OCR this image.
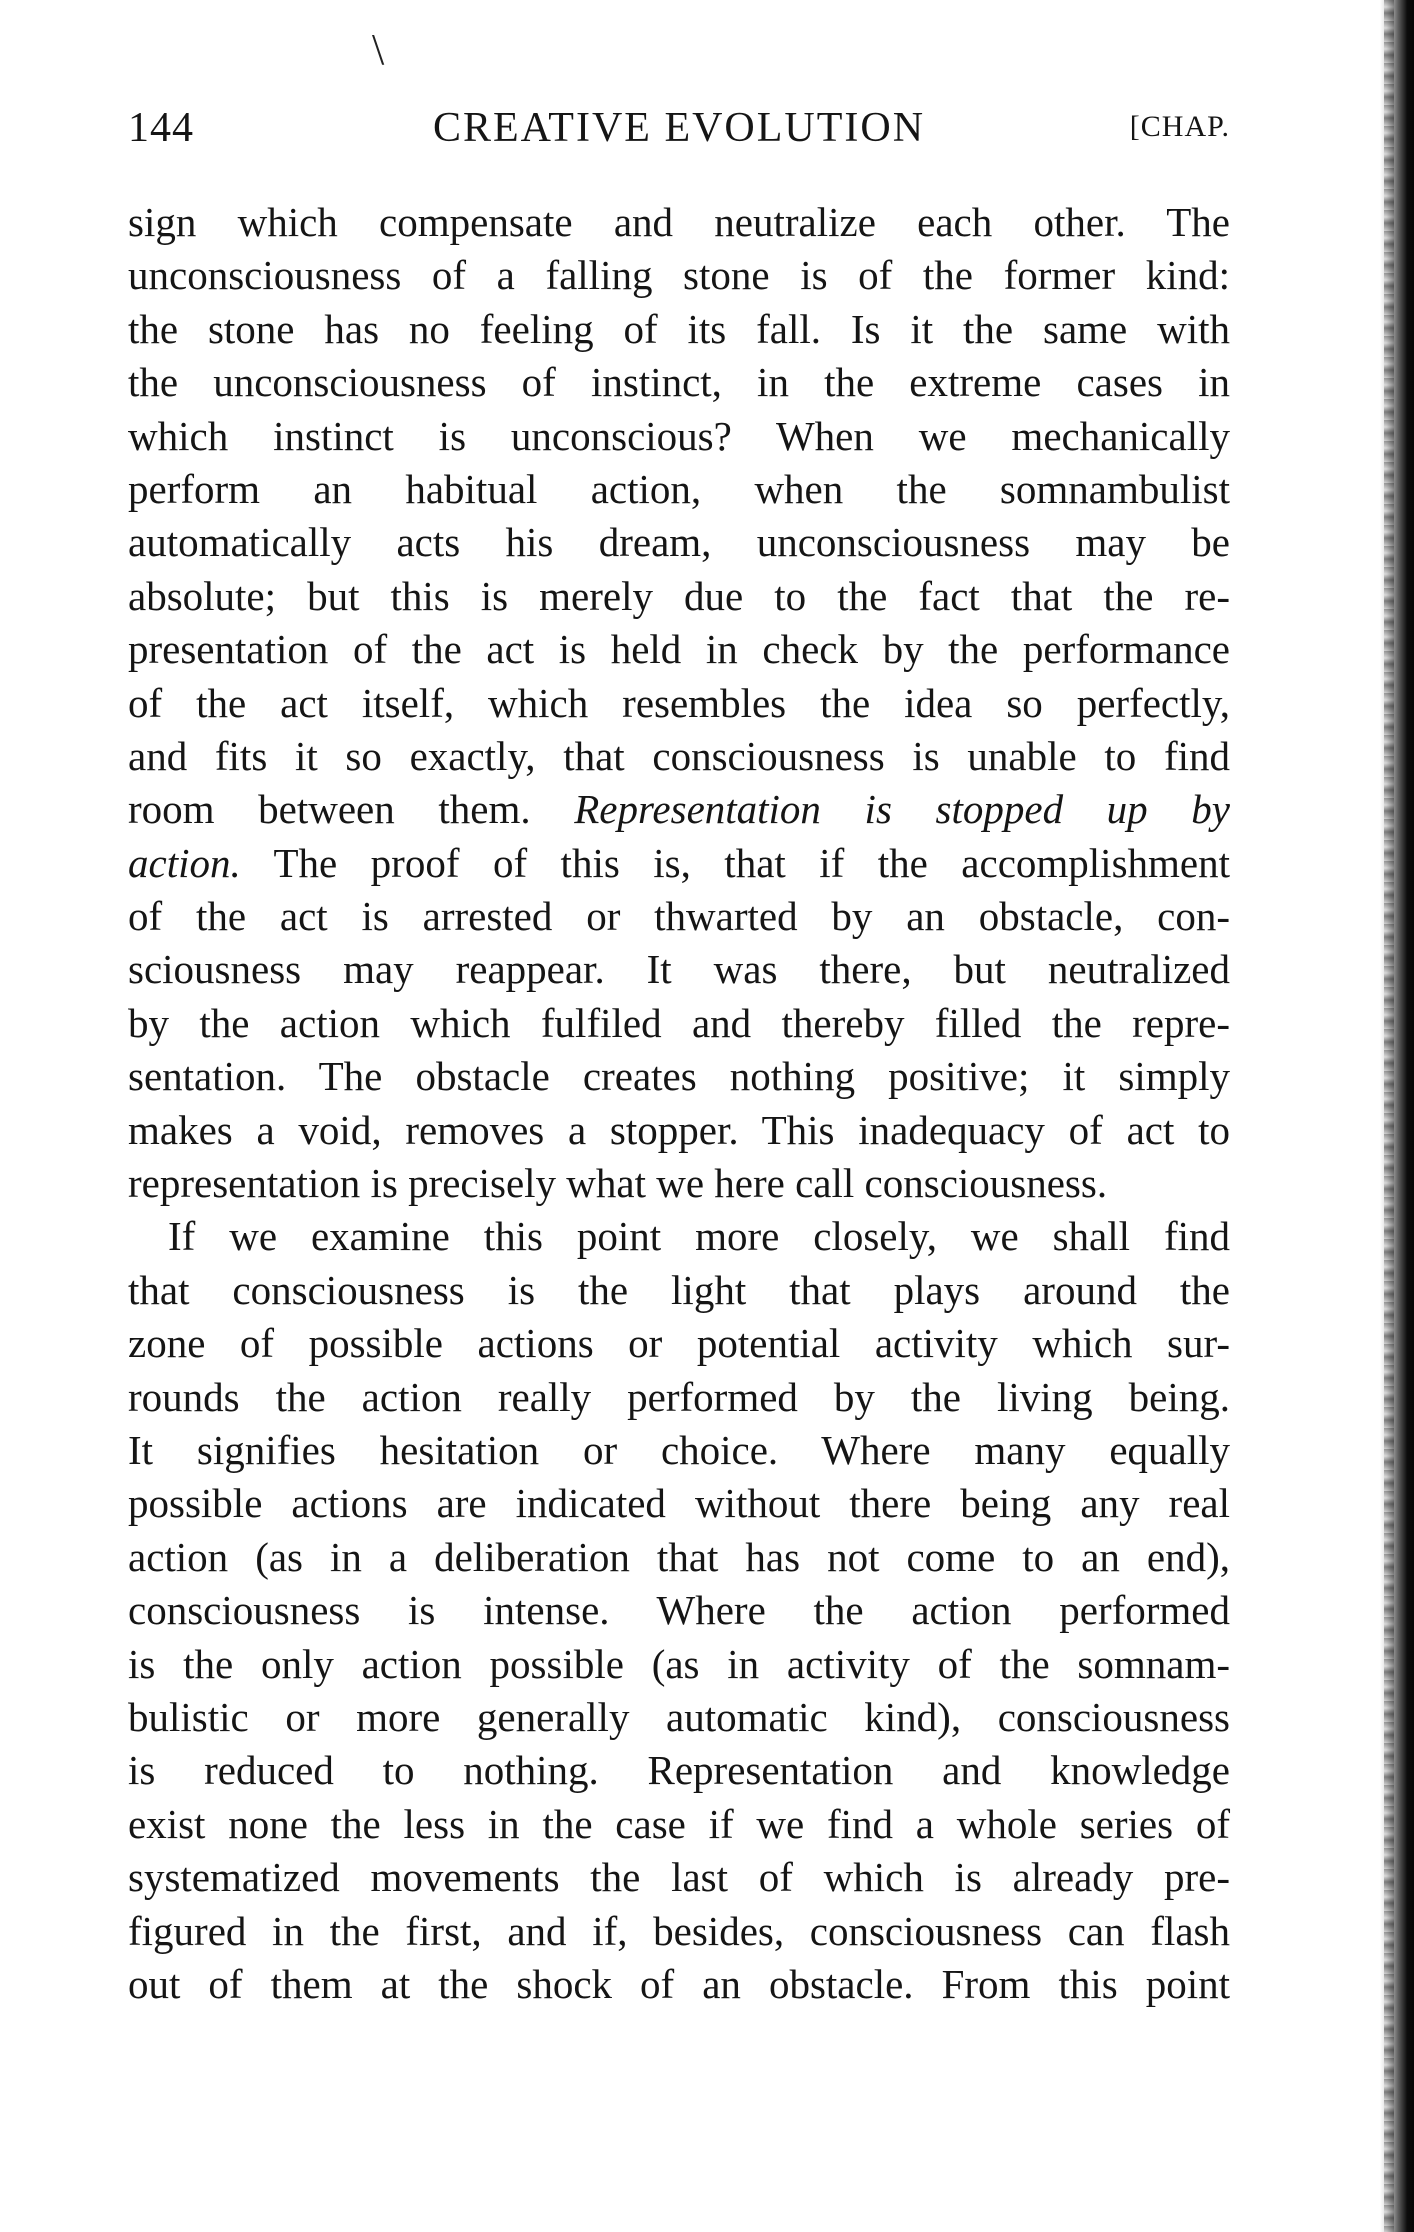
\
144	CREATIVE EVOLUTION	[CHAP.
sign which compensate and neutralize each other. The
unconsciousness of a falling stone is of the former kind:
the stone has no feeling of its fall. Is it the same with
the unconsciousness of instinct, in the extreme cases in
which instinct is unconscious? When we mechanically
perform an habitual action, when the somnambulist
automatically acts his dream, unconsciousness may be
absolute; but this is merely due to the fact that the re-
presentation of the act is held in check by the performance
of the act itself, which resembles the idea so perfectly,
and fits it so exactly, that consciousness is unable to find
room between them. Representation is stopped up by
action. The proof of this is, that if the accomplishment
of the act is arrested or thwarted by an obstacle, con-
sciousness may reappear. It was there, but neutralized
by the action which fulfiled and thereby filled the repre-
sentation. The obstacle creates nothing positive; it simply
makes a void, removes a stopper. This inadequacy of act to
representation is precisely what we here call consciousness.
If we examine this point more closely, we shall find
that consciousness is the light that plays around the
zone of possible actions or potential activity which sur-
rounds the action really performed by the living being.
It signifies hesitation or choice. Where many equally
possible actions are indicated without there being any real
action (as in a deliberation that has not come to an end),
consciousness is intense. Where the action performed
is the only action possible (as in activity of the somnam-
bulistic or more generally automatic kind), consciousness
is reduced to nothing. Representation and knowledge
exist none the less in the case if we find a whole series of
systematized movements the last of which is already pre-
figured in the first, and if, besides, consciousness can flash
out of them at the shock of an obstacle. From this point
